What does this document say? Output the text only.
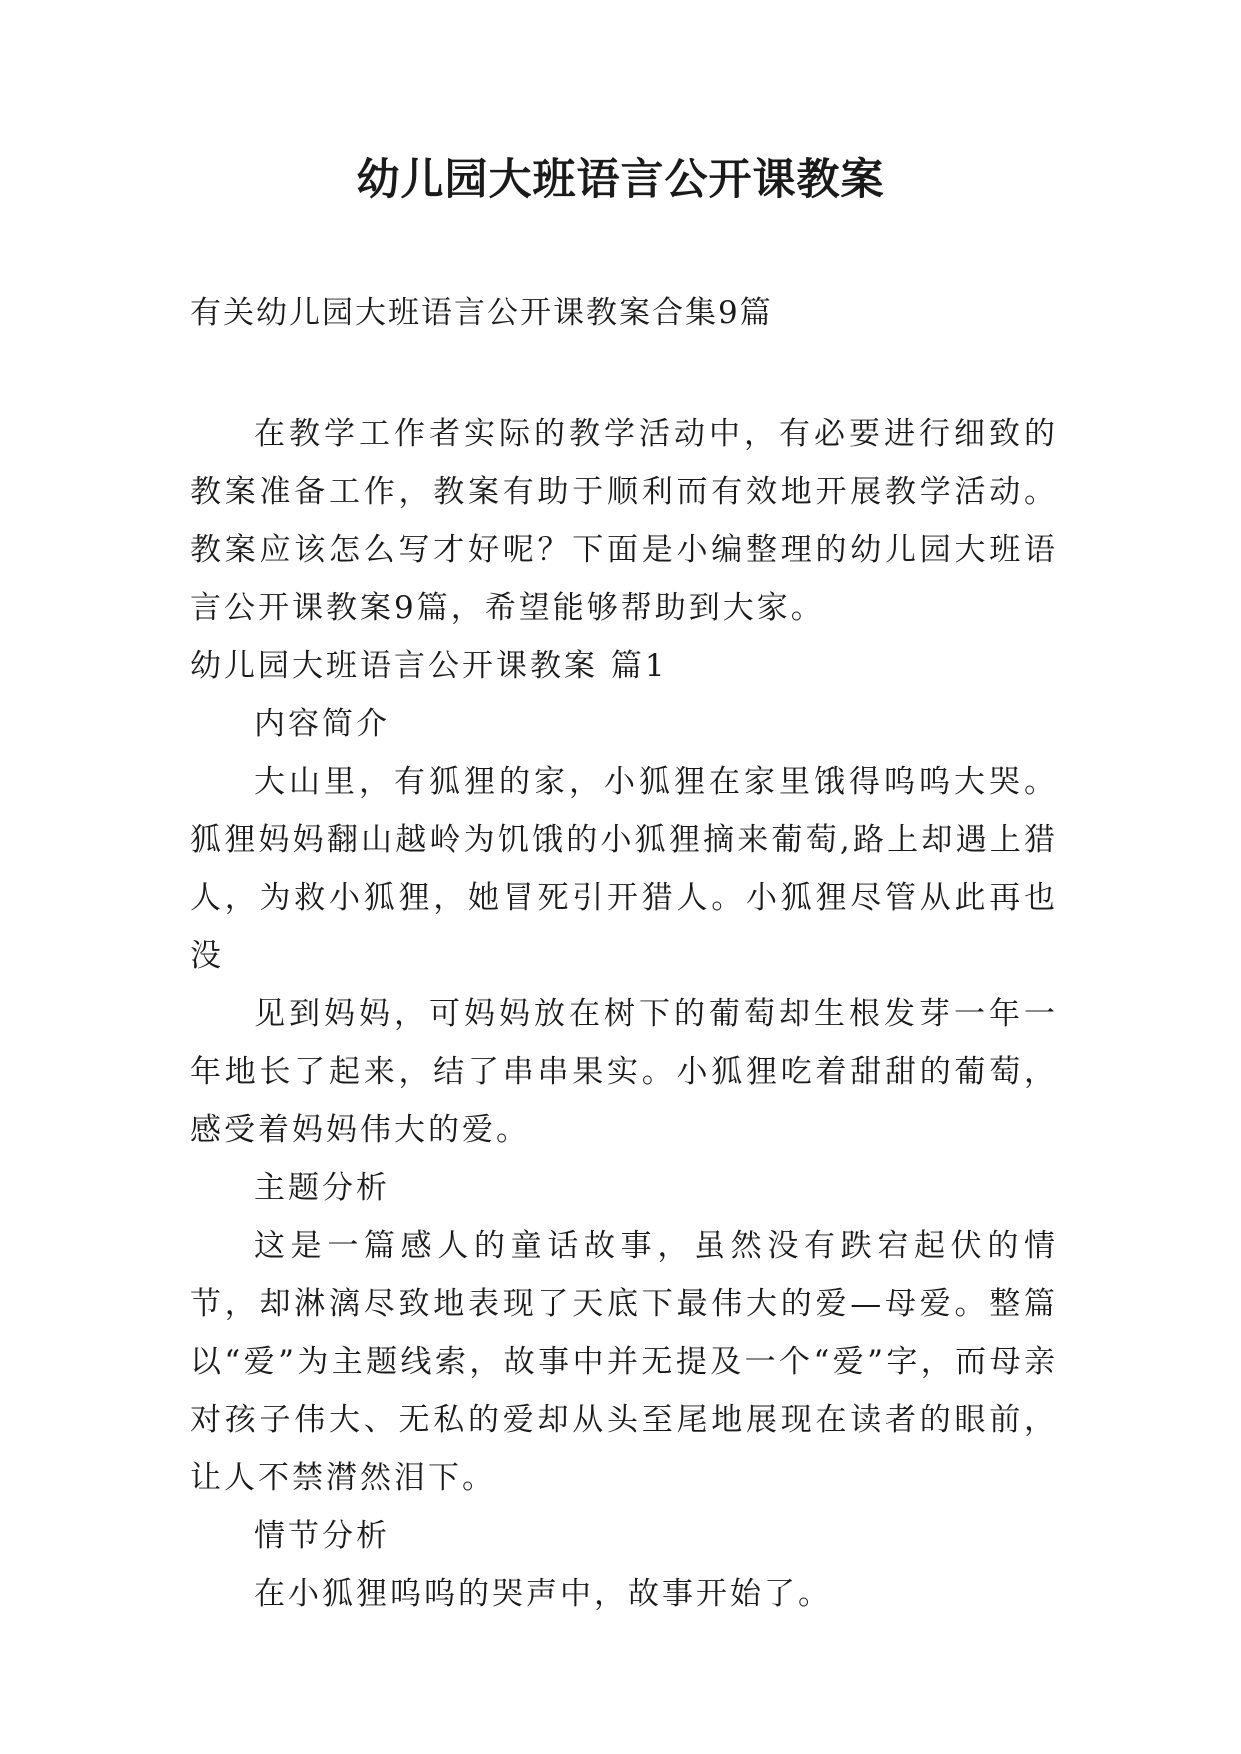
幼儿园大班语言公开课教案

有关幼儿园大班语言公开课教案合集9篇

在教学工作者实际的教学活动中，有必要进行细致的教案准备工作，教案有助于顺利而有效地开展教学活动。教案应该怎么写才好呢？下面是小编整理的幼儿园大班语言公开课教案9篇，希望能够帮助到大家。

幼儿园大班语言公开课教案 篇1

内容简介

大山里，有狐狸的家，小狐狸在家里饿得呜呜大哭。狐狸妈妈翻山越岭为饥饿的小狐狸摘来葡萄,路上却遇上猎人，为救小狐狸，她冒死引开猎人。小狐狸尽管从此再也没

见到妈妈，可妈妈放在树下的葡萄却生根发芽一年一年地长了起来，结了串串果实。小狐狸吃着甜甜的葡萄，感受着妈妈伟大的爱。

主题分析

这是一篇感人的童话故事，虽然没有跌宕起伏的情节，却淋漓尽致地表现了天底下最伟大的爱—母爱。整篇以“爱”为主题线索，故事中并无提及一个“爱”字，而母亲对孩子伟大、无私的爱却从头至尾地展现在读者的眼前，让人不禁潸然泪下。

情节分析

在小狐狸呜呜的哭声中，故事开始了。
